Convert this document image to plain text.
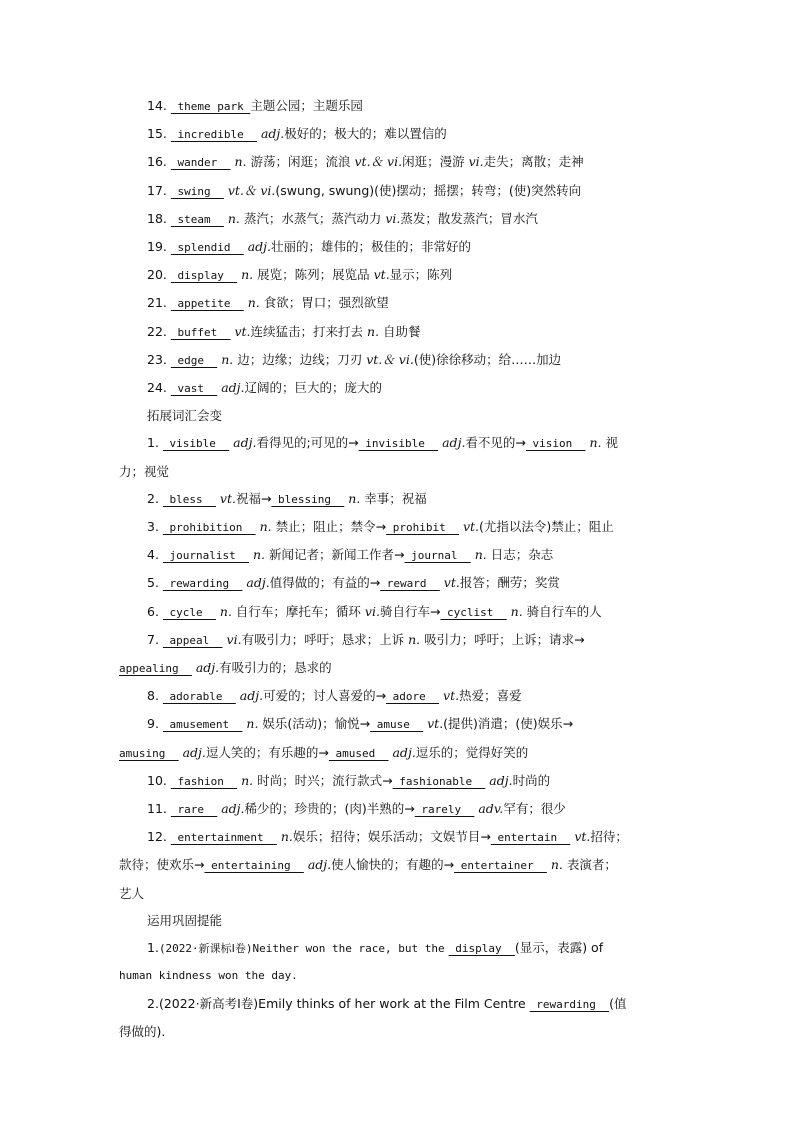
14.  theme park 主题公园；主题乐园
15.  incredible   adj.极好的；极大的；难以置信的
16.  wander   n. 游荡；闲逛；流浪 vt.＆ vi.闲逛；漫游 vi.走失；离散；走神
17.  swing   vt.＆ vi.(swung, swung)(使)摆动；摇摆；转弯；(使)突然转向
18.  steam   n. 蒸汽；水蒸气；蒸汽动力 vi.蒸发；散发蒸汽；冒水汽
19.  splendid   adj.壮丽的；雄伟的；极佳的；非常好的
20.  display   n. 展览；陈列；展览品 vt.显示；陈列
21.  appetite   n. 食欲；胃口；强烈欲望
22.  buffet   vt.连续猛击；打来打去 n. 自助餐
23.  edge   n. 边；边缘；边线；刀刃 vt.＆ vi.(使)徐徐移动；给……加边
24.  vast   adj.辽阔的；巨大的；庞大的
拓展词汇会变
1.  visible   adj.看得见的;可见的→ invisible   adj.看不见的→ vision   n. 视
力；视觉
2.  bless   vt.祝福→ blessing   n. 幸事；祝福
3.  prohibition   n. 禁止；阻止；禁令→ prohibit   vt.(尤指以法令)禁止；阻止
4.  journalist   n. 新闻记者；新闻工作者→ journal   n. 日志；杂志
5.  rewarding   adj.值得做的；有益的→ reward   vt.报答；酬劳；奖赏
6.  cycle   n. 自行车；摩托车；循环 vi.骑自行车→ cyclist   n. 骑自行车的人
7.  appeal   vi.有吸引力；呼吁；恳求；上诉 n. 吸引力；呼吁；上诉；请求→
appealing   adj.有吸引力的；恳求的
8.  adorable   adj.可爱的；讨人喜爱的→ adore   vt.热爱；喜爱
9.  amusement   n. 娱乐(活动)；愉悦→ amuse   vt.(提供)消遣；(使)娱乐→
amusing   adj.逗人笑的；有乐趣的→ amused   adj.逗乐的；觉得好笑的
10.  fashion   n. 时尚；时兴；流行款式→ fashionable   adj.时尚的
11.  rare   adj.稀少的；珍贵的；(肉)半熟的→ rarely   adv.罕有；很少
12.  entertainment   n.娱乐；招待；娱乐活动；文娱节目→ entertain   vt.招待；
款待；使欢乐→ entertaining   adj.使人愉快的；有趣的→ entertainer   n. 表演者；
艺人
运用巩固提能
1.(2022·新课标Ⅰ卷)Neither won the race, but the  display  (显示，表露) of
human kindness won the day.
2.(2022·新高考Ⅰ卷)Emily thinks of her work at the Film Centre  rewarding  (值
得做的).
